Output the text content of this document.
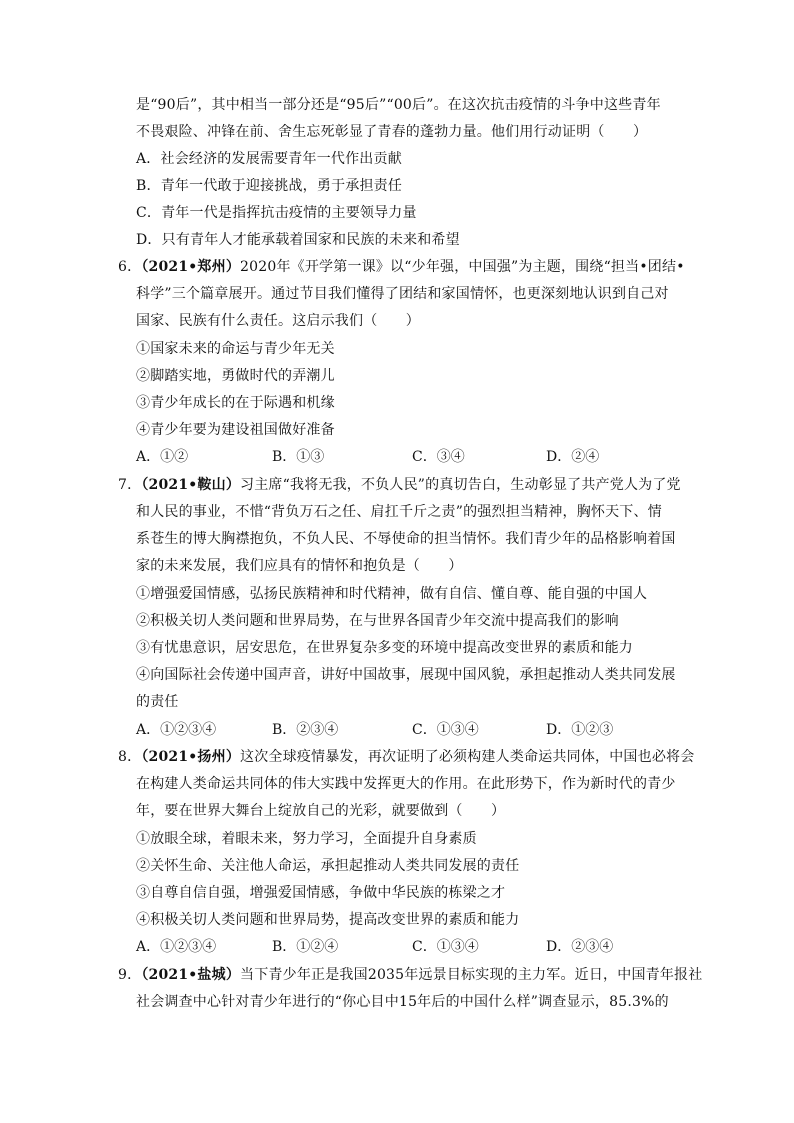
是“90后”，其中相当一部分还是“95后”“00后”。在这次抗击疫情的斗争中这些青年
不畏艰险、冲锋在前、舍生忘死彰显了青春的蓬勃力量。他们用行动证明（　　）
A．社会经济的发展需要青年一代作出贡献
B．青年一代敢于迎接挑战，勇于承担责任
C．青年一代是指挥抗击疫情的主要领导力量
D．只有青年人才能承载着国家和民族的未来和希望
6．（2021•郑州）2020年《开学第一课》以“少年强，中国强”为主题，围绕“担当•团结•
科学”三个篇章展开。通过节目我们懂得了团结和家国情怀，也更深刻地认识到自己对
国家、民族有什么责任。这启示我们（　　）
①国家未来的命运与青少年无关
②脚踏实地，勇做时代的弄潮儿
③青少年成长的在于际遇和机缘
④青少年要为建设祖国做好准备
A．①②	B．①③	C．③④	D．②④
7．（2021•鞍山）习主席“我将无我，不负人民”的真切告白，生动彰显了共产党人为了党
和人民的事业，不惜“背负万石之任、肩扛千斤之责”的强烈担当精神，胸怀天下、情
系苍生的博大胸襟抱负，不负人民、不辱使命的担当情怀。我们青少年的品格影响着国
家的未来发展，我们应具有的情怀和抱负是（　　）
①增强爱国情感，弘扬民族精神和时代精神，做有自信、懂自尊、能自强的中国人
②积极关切人类问题和世界局势，在与世界各国青少年交流中提高我们的影响
③有忧患意识，居安思危，在世界复杂多变的环境中提高改变世界的素质和能力
④向国际社会传递中国声音，讲好中国故事，展现中国风貌，承担起推动人类共同发展
的责任
A．①②③④	B．②③④	C．①③④	D．①②③
8．（2021•扬州）这次全球疫情暴发，再次证明了必须构建人类命运共同体，中国也必将会
在构建人类命运共同体的伟大实践中发挥更大的作用。在此形势下，作为新时代的青少
年，要在世界大舞台上绽放自己的光彩，就要做到（　　）
①放眼全球，着眼未来，努力学习，全面提升自身素质
②关怀生命、关注他人命运，承担起推动人类共同发展的责任
③自尊自信自强，增强爱国情感，争做中华民族的栋梁之才
④积极关切人类问题和世界局势，提高改变世界的素质和能力
A．①②③④	B．①②④	C．①③④	D．②③④
9．（2021•盐城）当下青少年正是我国2035年远景目标实现的主力军。近日，中国青年报社
社会调查中心针对青少年进行的“你心目中15年后的中国什么样”调查显示，85.3%的
